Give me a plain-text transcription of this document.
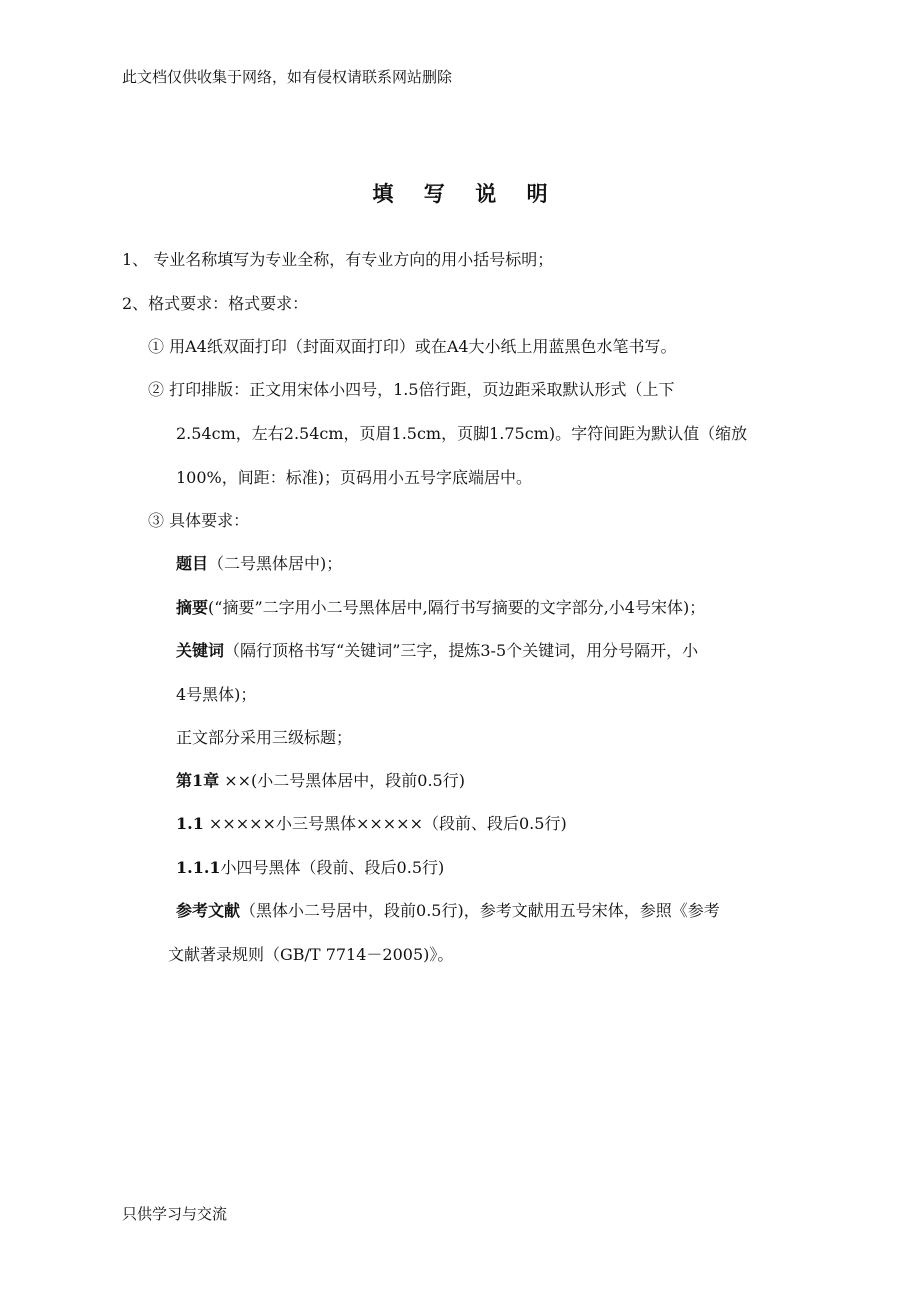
此文档仅供收集于网络，如有侵权请联系网站删除
填 写 说 明
1、 专业名称填写为专业全称，有专业方向的用小括号标明；
2、格式要求：格式要求：
① 用A4纸双面打印（封面双面打印）或在A4大小纸上用蓝黑色水笔书写。
② 打印排版：正文用宋体小四号，1.5倍行距，页边距采取默认形式（上下
2.54cm，左右2.54cm，页眉1.5cm，页脚1.75cm)。字符间距为默认值（缩放
100%，间距：标准)；页码用小五号字底端居中。
③ 具体要求：
题目（二号黑体居中)；
摘要(“摘要”二字用小二号黑体居中,隔行书写摘要的文字部分,小4号宋体)；
关键词（隔行顶格书写“关键词”三字，提炼3-5个关键词，用分号隔开，小
4号黑体)；
正文部分采用三级标题；
第1章 ××(小二号黑体居中，段前0.5行)
1.1 ×××××小三号黑体×××××（段前、段后0.5行)
1.1.1小四号黑体（段前、段后0.5行)
参考文献（黑体小二号居中，段前0.5行)，参考文献用五号宋体，参照《参考
文献著录规则（GB/T 7714－2005)》。
只供学习与交流
